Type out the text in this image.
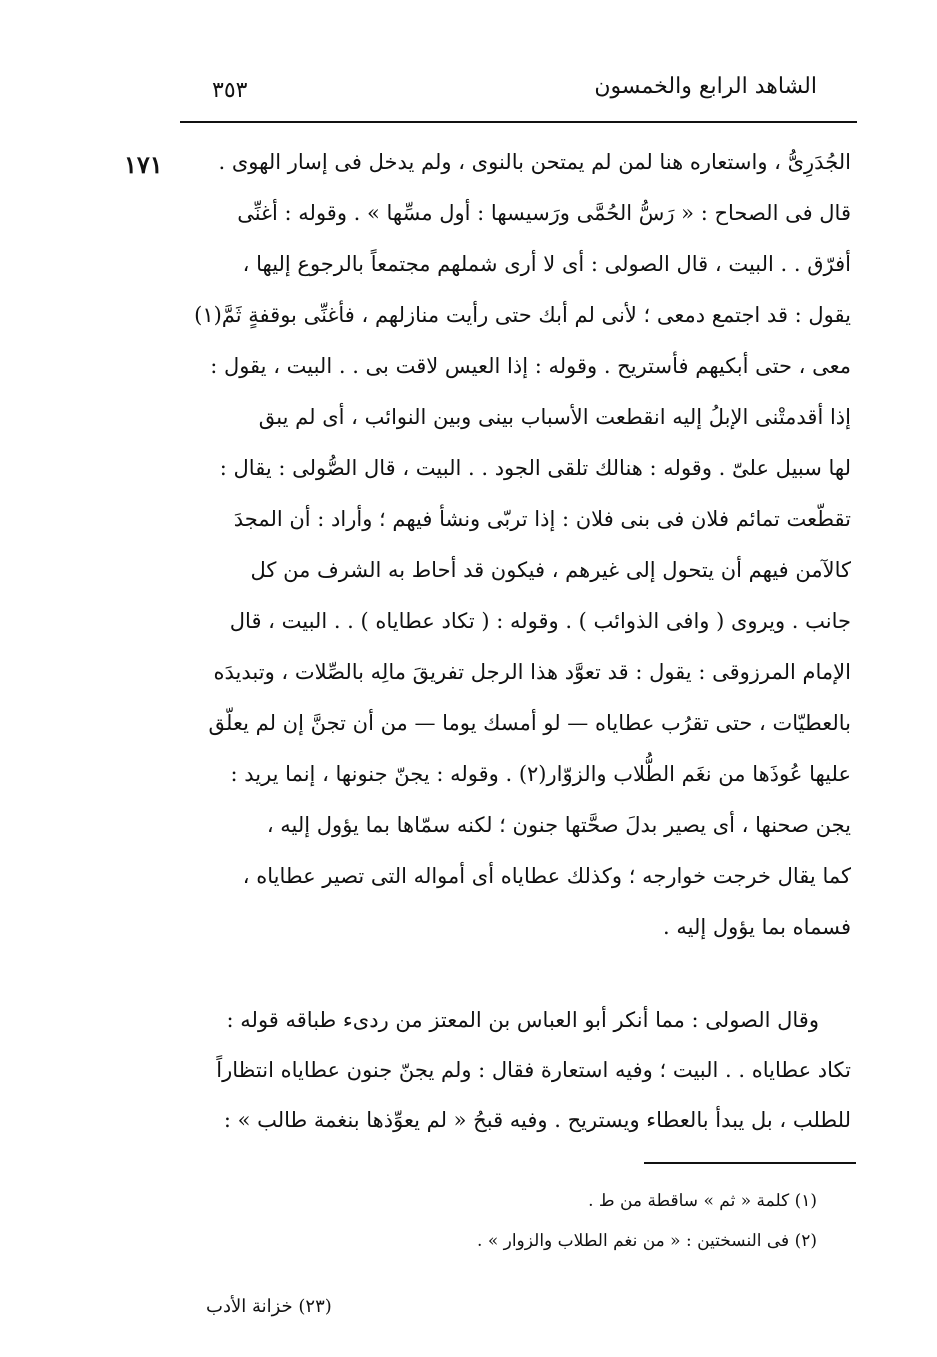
الشاهد الرابع والخمسون
٣٥٣
١٧١	الجُدَرِىُّ ، واستعاره هنا لمن لم يمتحن بالنوى ، ولم يدخل فى إسار الهوى .
قال فى الصحاح : « رَسُّ الحُمَّى ورَسيسها : أول مسِّها » . وقوله : أغنِّى
أفرّق . . البيت ، قال الصولى : أى لا أرى شملهم مجتمعاً بالرجوع إليها ،
يقول : قد اجتمع دمعى ؛ لأنى لم أبك حتى رأيت منازلهم ، فأغنِّى بوقفةٍ ثَمَّ(١)
معى ، حتى أبكيهم فأستريح . وقوله : إذا العيس لاقت بى . . البيت ، يقول :
إذا أقدمتْنى الإبلُ إليه انقطعت الأسباب بينى وبين النوائب ، أى لم يبق
لها سبيل علىّ . وقوله : هنالك تلقى الجود . . البيت ، قال الصُّولى : يقال :
تقطّعت تمائم فلان فى بنى فلان : إذا تربّى ونشأ فيهم ؛ وأراد : أن المجدَ
كالآمن فيهم أن يتحول إلى غيرهم ، فيكون قد أحاط به الشرف من كل
جانب . ويروى ( وافى الذوائب ) . وقوله : ( تكاد عطاياه ) . . البيت ، قال
الإمام المرزوقى : يقول : قد تعوَّد هذا الرجل تفريقَ مالِه بالصِّلات ، وتبديدَه
بالعطيّات ، حتى تقرُب عطاياه — لو أمسك يوما — من أن تجنَّ إن لم يعلّق
عليها عُوذَها من نغَم الطُّلاب والزوّار(٢) . وقوله : يجنّ جنونها ، إنما يريد :
يجن صحنها ، أى يصير بدلَ صحَّتها جنون ؛ لكنه سمّاها بما يؤول إليه ،
كما يقال خرجت خوارجه ؛ وكذلك عطاياه أى أمواله التى تصير عطاياه ،
فسماه بما يؤول إليه .
وقال الصولى : مما أنكر أبو العباس بن المعتز من ردىء طباقه قوله :
تكاد عطاياه . . البيت ؛ وفيه استعارة فقال : ولم يجنّ جنون عطاياه انتظاراً
للطلب ، بل يبدأ بالعطاء ويستريح . وفيه قبحُ « لم يعوِّذها بنغمة طالب » :
(١) كلمة « ثم » ساقطة من ط .
(٢) فى النسختين : « من نغم الطلاب والزوار » .
(٢٣) خزانة الأدب
